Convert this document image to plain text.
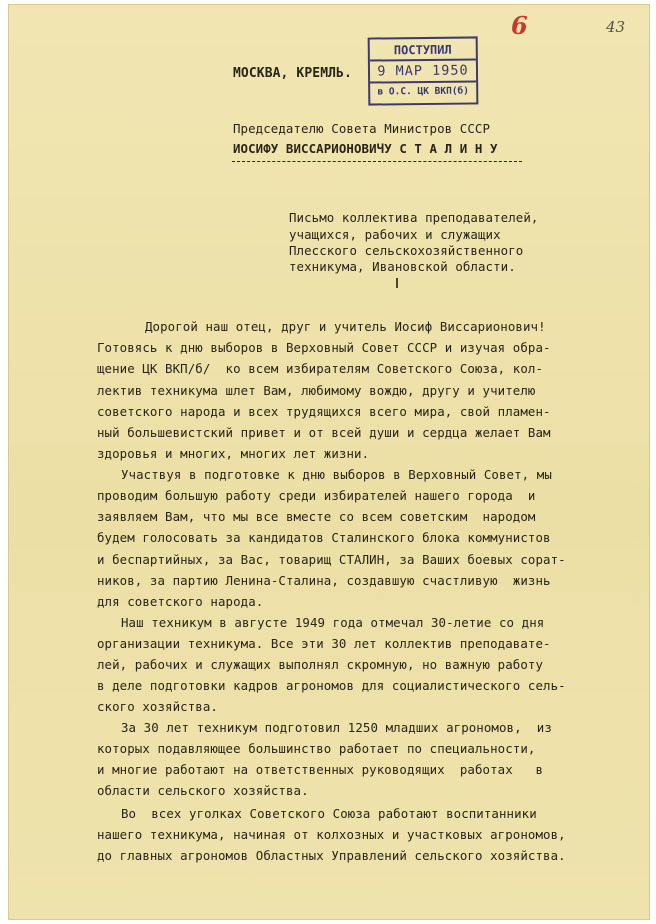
МОСКВА, КРЕМЛЬ.
6	43
ПОСТУПИЛ
9 МАР 1950
в О.С. ЦК ВКП(б)
Председателю Совета Министров СССР
ИОСИФУ ВИССАРИОНОВИЧУ С Т А Л И Н У
Письмо коллектива преподавателей,
учащихся, рабочих и служащих
Плесского сельскохозяйственного
техникума, Ивановской области.
Дорогой наш отец, друг и учитель Иосиф Виссарионович!
Готовясь к дню выборов в Верховный Совет СССР и изучая обра-
щение ЦК ВКП/б/  ко всем избирателям Советского Союза, кол-
лектив техникума шлет Вам, любимому вождю, другу и учителю
советского народа и всех трудящихся всего мира, свой пламен-
ный большевистский привет и от всей души и сердца желает Вам
здоровья и многих, многих лет жизни.
Участвуя в подготовке к дню выборов в Верховный Совет, мы
проводим большую работу среди избирателей нашего города  и
заявляем Вам, что мы все вместе со всем советским  народом
будем голосовать за кандидатов Сталинского блока коммунистов
и беспартийных, за Вас, товарищ СТАЛИН, за Ваших боевых сорат-
ников, за партию Ленина-Сталина, создавшую счастливую  жизнь
для советского народа.
Наш техникум в августе 1949 года отмечал 30-летие со дня
организации техникума. Все эти 30 лет коллектив преподавате-
лей, рабочих и служащих выполнял скромную, но важную работу
в деле подготовки кадров агрономов для социалистического сель-
ского хозяйства.
За 30 лет техникум подготовил 1250 младших агрономов,  из
которых подавляющее большинство работает по специальности,
и многие работают на ответственных руководящих  работах   в
области сельского хозяйства.
Во  всех уголках Советского Союза работают воспитанники
нашего техникума, начиная от колхозных и участковых агрономов,
до главных агрономов Областных Управлений сельского хозяйства.
